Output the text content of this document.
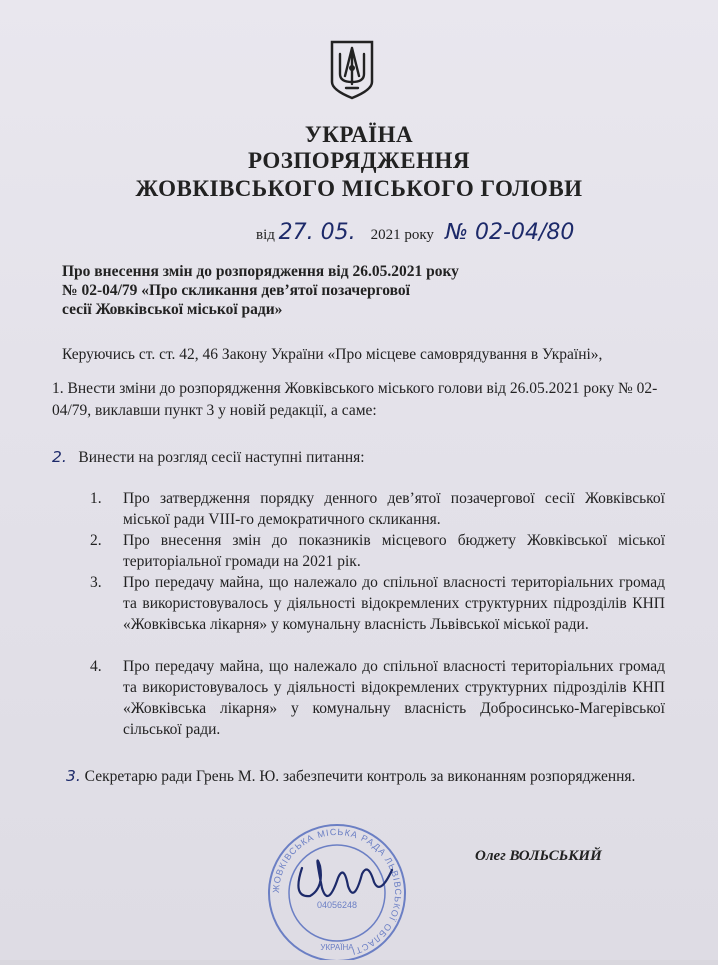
УКРАЇНА
РОЗПОРЯДЖЕННЯ
ЖОВКІВСЬКОГО МІСЬКОГО ГОЛОВИ
від 27. 05. 2021 року № 02-04/80
Про внесення змін до розпорядження від 26.05.2021 року
№ 02-04/79 «Про скликання дев’ятої позачергової
сесії Жовківської міської ради»
Керуючись ст. ст. 42, 46 Закону України «Про місцеве самоврядування в Україні»,
1. Внести зміни до розпорядження Жовківського міського голови від 26.05.2021 року № 02-04/79, виклавши пункт 3 у новій редакції, а саме:
2. Винести на розгляд сесії наступні питання:
1. Про затвердження порядку денного дев’ятої позачергової сесії Жовківської міської ради VIII-го демократичного скликання.
2. Про внесення змін до показників місцевого бюджету Жовківської міської територіальної громади на 2021 рік.
3. Про передачу майна, що належало до спільної власності територіальних громад та використовувалось у діяльності відокремлених структурних підрозділів КНП «Жовківська лікарня» у комунальну власність Львівської міської ради.
4. Про передачу майна, що належало до спільної власності територіальних громад та використовувалось у діяльності відокремлених структурних підрозділів КНП «Жовківська лікарня» у комунальну власність Добросинсько-Магерівської сільської ради.
3. Секретарю ради Грень М. Ю. забезпечити контроль за виконанням розпорядження.
ЖОВКІВСЬКА МІСЬКА РАДА ЛЬВІВСЬКОЇ ОБЛАСТІ
04056248
УКРАЇНА
Олег ВОЛЬСЬКИЙ
